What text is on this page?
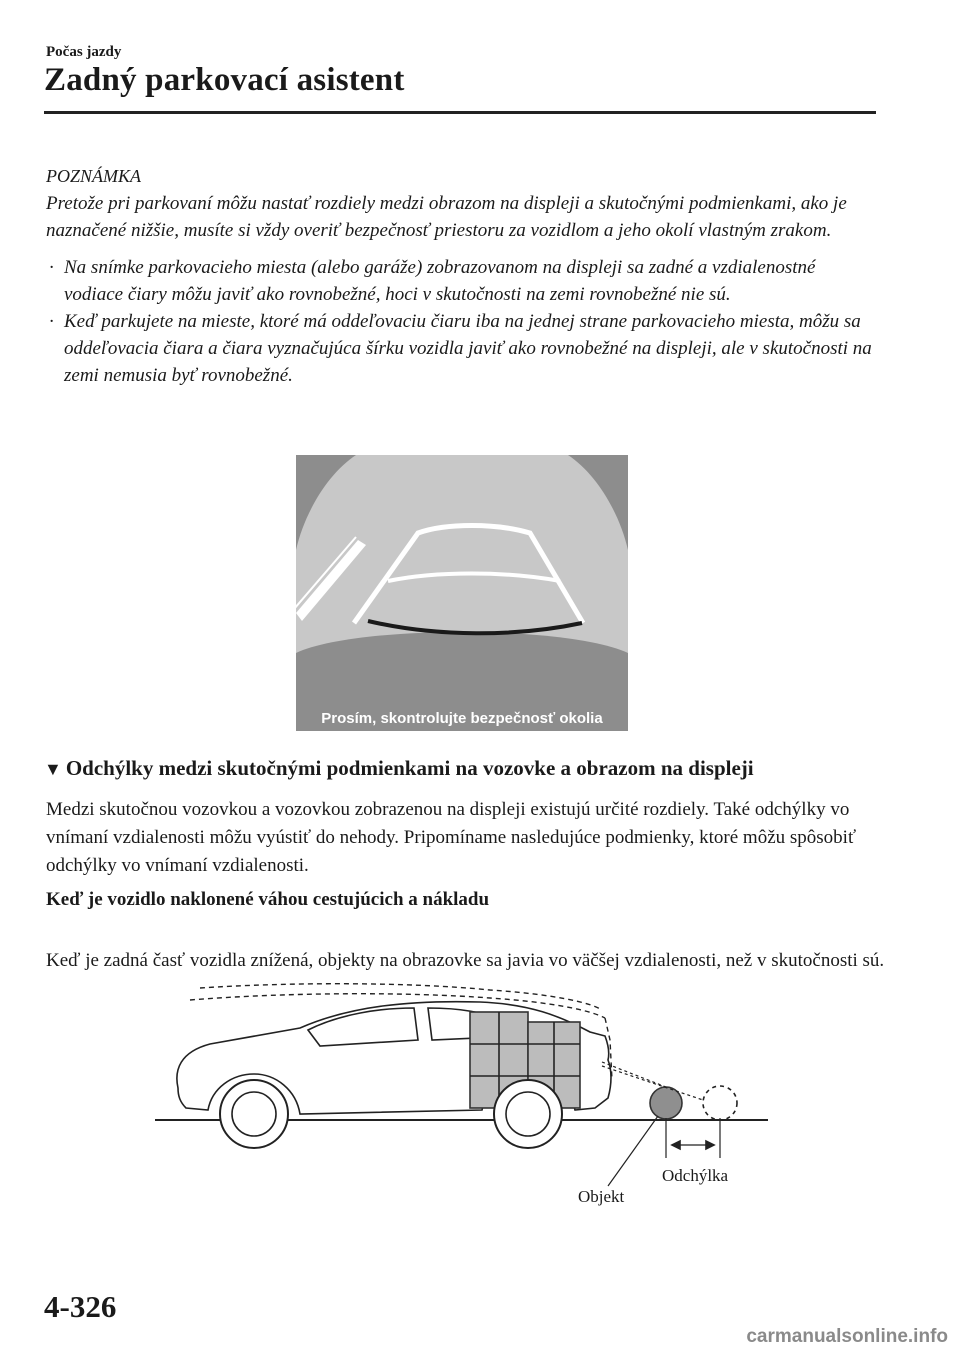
Počas jazdy
Zadný parkovací asistent
POZNÁMKA

Pretože pri parkovaní môžu nastať rozdiely medzi obrazom na displeji a skutočnými podmienkami, ako je naznačené nižšie, musíte si vždy overiť bezpečnosť priestoru za vozidlom a jeho okolí vlastným zrakom.

· Na snímke parkovacieho miesta (alebo garáže) zobrazovanom na displeji sa zadné a vzdialenostné vodiace čiary môžu javiť ako rovnobežné, hoci v skutočnosti na zemi rovnobežné nie sú.
· Keď parkujete na mieste, ktoré má oddeľovaciu čiaru iba na jednej strane parkovacieho miesta, môžu sa oddeľovacia čiara a čiara vyznačujúca šírku vozidla javiť ako rovnobežné na displeji, ale v skutočnosti na zemi nemusia byť rovnobežné.
Prosím, skontrolujte bezpečnosť okolia
▼ Odchýlky medzi skutočnými podmienkami na vozovke a obrazom na displeji

Medzi skutočnou vozovkou a vozovkou zobrazenou na displeji existujú určité rozdiely. Také odchýlky vo vnímaní vzdialenosti môžu vyústiť do nehody. Pripomíname nasledujúce podmienky, ktoré môžu spôsobiť odchýlky vo vnímaní vzdialenosti.

Keď je vozidlo naklonené váhou cestujúcich a nákladu

Keď je zadná časť vozidla znížená, objekty na obrazovke sa javia vo väčšej vzdialenosti, než v skutočnosti sú.

Odchýlka
Objekt
4-326
carmanualsonline.info
